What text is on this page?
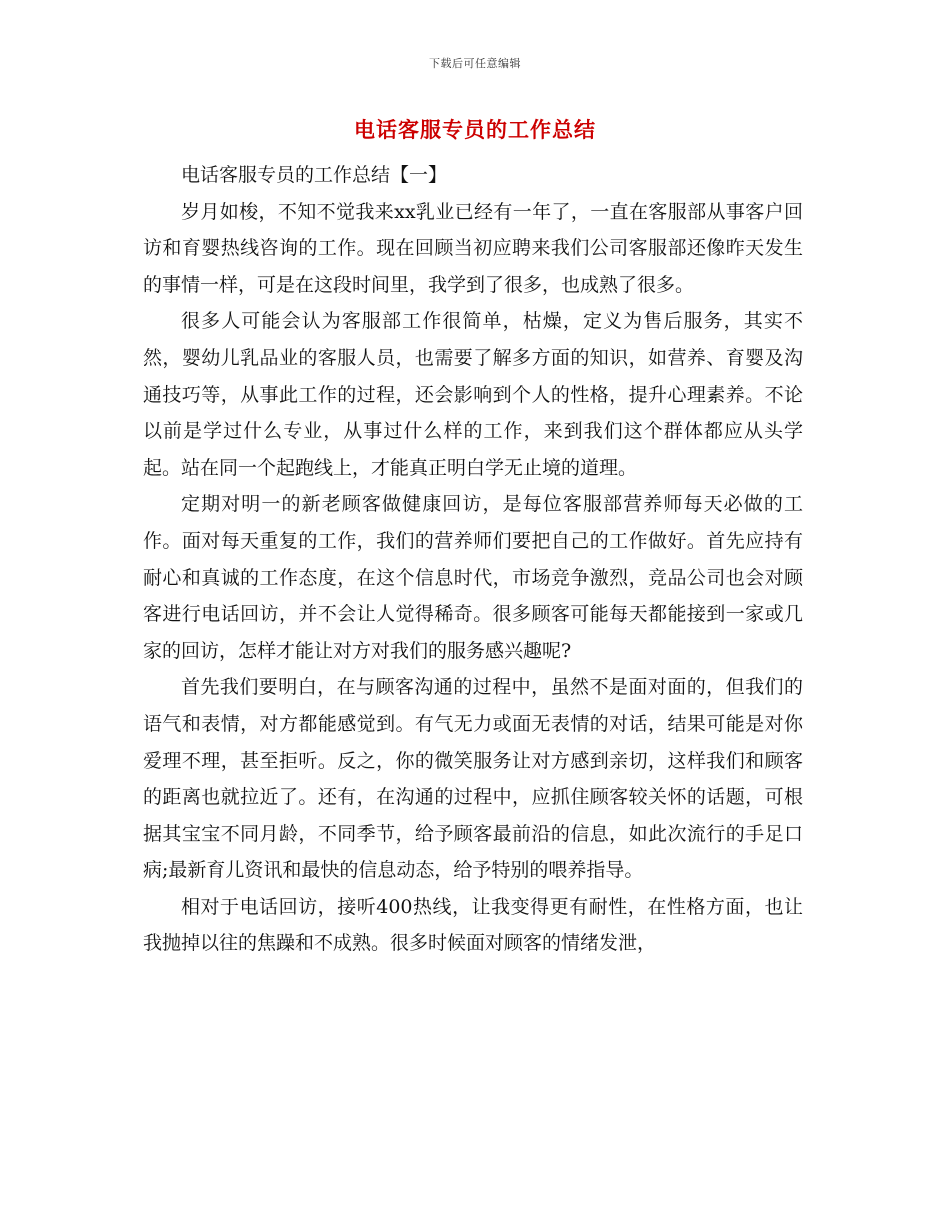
下载后可任意编辑
电话客服专员的工作总结

电话客服专员的工作总结【一】

岁月如梭，不知不觉我来xx乳业已经有一年了，一直在客服部从事客户回访和育婴热线咨询的工作。现在回顾当初应聘来我们公司客服部还像昨天发生的事情一样，可是在这段时间里，我学到了很多，也成熟了很多。

很多人可能会认为客服部工作很简单，枯燥，定义为售后服务，其实不然，婴幼儿乳品业的客服人员，也需要了解多方面的知识，如营养、育婴及沟通技巧等，从事此工作的过程，还会影响到个人的性格，提升心理素养。不论以前是学过什么专业，从事过什么样的工作，来到我们这个群体都应从头学起。站在同一个起跑线上，才能真正明白学无止境的道理。

定期对明一的新老顾客做健康回访，是每位客服部营养师每天必做的工作。面对每天重复的工作，我们的营养师们要把自己的工作做好。首先应持有耐心和真诚的工作态度，在这个信息时代，市场竞争激烈，竞品公司也会对顾客进行电话回访，并不会让人觉得稀奇。很多顾客可能每天都能接到一家或几家的回访，怎样才能让对方对我们的服务感兴趣呢?

首先我们要明白，在与顾客沟通的过程中，虽然不是面对面的，但我们的语气和表情，对方都能感觉到。有气无力或面无表情的对话，结果可能是对你爱理不理，甚至拒听。反之，你的微笑服务让对方感到亲切，这样我们和顾客的距离也就拉近了。还有，在沟通的过程中，应抓住顾客较关怀的话题，可根据其宝宝不同月龄，不同季节，给予顾客最前沿的信息，如此次流行的手足口病;最新育儿资讯和最快的信息动态，给予特别的喂养指导。

相对于电话回访，接听400热线，让我变得更有耐性，在性格方面，也让我抛掉以往的焦躁和不成熟。很多时候面对顾客的情绪发泄，
